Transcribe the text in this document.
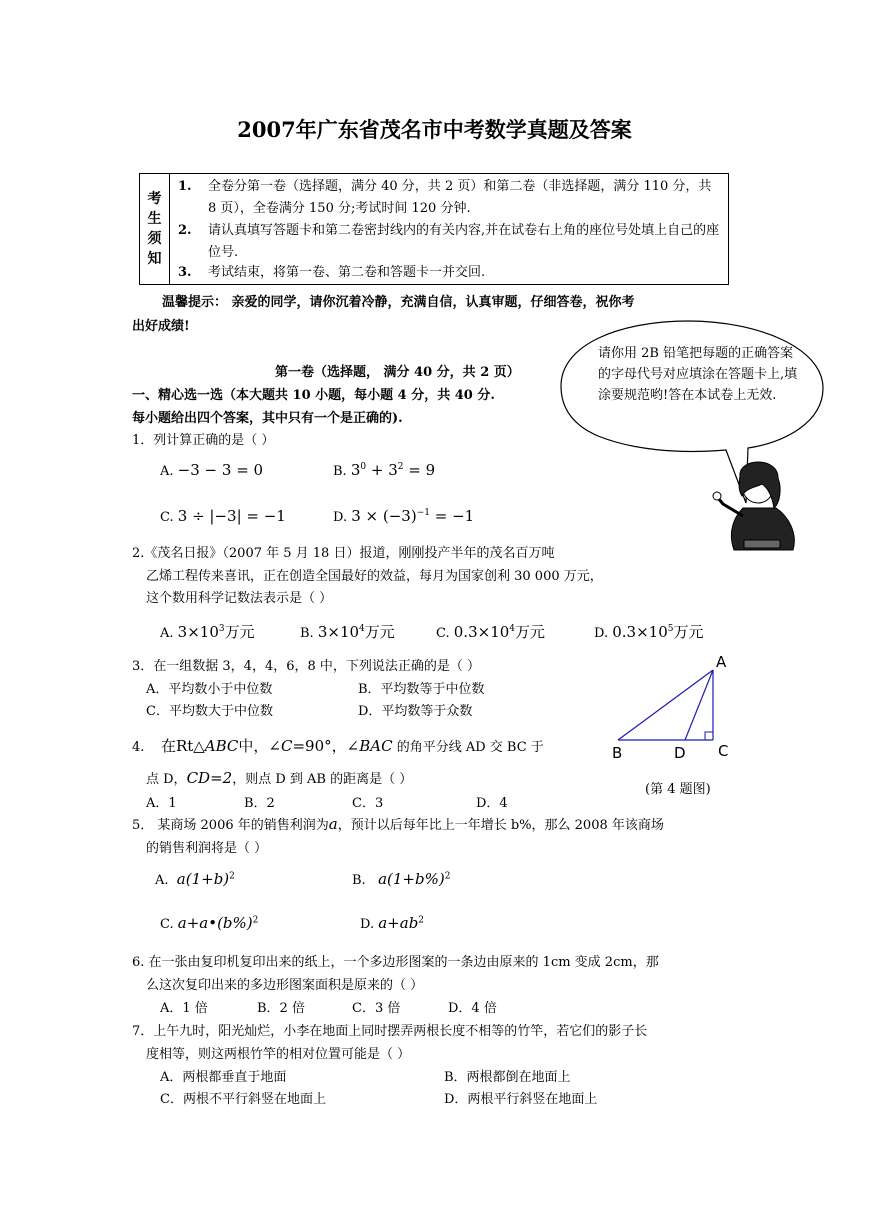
2007年广东省茂名市中考数学真题及答案
考
生
须
知
1. 全卷分第一卷（选择题，满分 40 分，共 2 页）和第二卷（非选择题，满分 110 分，共 8 页），全卷满分 150 分;考试时间 120 分钟.
2. 请认真填写答题卡和第二卷密封线内的有关内容,并在试卷右上角的座位号处填上自己的座位号.
3. 考试结束，将第一卷、第二卷和答题卡一并交回.
温馨提示： 亲爱的同学，请你沉着冷静，充满自信，认真审题，仔细答卷，祝你考
出好成绩!
请你用 2B 铅笔把每题的正确答案的字母代号对应填涂在答题卡上,填涂要规范哟!答在本试卷上无效.
第一卷（选择题， 满分 40 分，共 2 页）
一、精心选一选（本大题共 10 小题，每小题 4 分，共 40 分.
每小题给出四个答案，其中只有一个是正确的).
1．列计算正确的是（ ）
A. −3 − 3 = 0	B. $3^0 + 3^2 = 9$
C. 3 ÷ |−3| = −1	D. $3 \times (-3)^{-1} = -1$
2.《茂名日报》（2007 年 5 月 18 日）报道，刚刚投产半年的茂名百万吨
乙烯工程传来喜讯，正在创造全国最好的效益，每月为国家创利 30 000 万元，
这个数用科学记数法表示是（ ）
A. $3\times 10^3$万元	B. $3\times 10^4$万元	C. $0.3\times 10^4$万元	D. $0.3\times 10^5$万元
3．在一组数据 3，4，4，6，8 中，下列说法正确的是（ ）
A．平均数小于中位数	B．平均数等于中位数
C．平均数大于中位数	D．平均数等于众数
A
B	D C
(第 4 题图)
4. 在Rt△ABC中，∠C=90°，∠BAC 的角平分线 AD 交 BC 于
点 D，CD=2，则点 D 到 AB 的距离是（ ）
A．1	B．2	C．3	D．4
5． 某商场 2006 年的销售利润为a，预计以后每年比上一年增长 b%，那么 2008 年该商场
的销售利润将是（ ）
A. $a(1+b)^2$	B. $a(1+b\%)^2$
C. $a+a•(b\%)^2$	D. $a+ab^2$
6. 在一张由复印机复印出来的纸上，一个多边形图案的一条边由原来的 1cm 变成 2cm，那
么这次复印出来的多边形图案面积是原来的（ ）
A．1 倍	B．2 倍	C．3 倍	D．4 倍
7．上午九时，阳光灿烂，小李在地面上同时摆弄两根长度不相等的竹竿，若它们的影子长
度相等，则这两根竹竿的相对位置可能是（ ）
A．两根都垂直于地面	B．两根都倒在地面上
C．两根不平行斜竖在地面上	D．两根平行斜竖在地面上
